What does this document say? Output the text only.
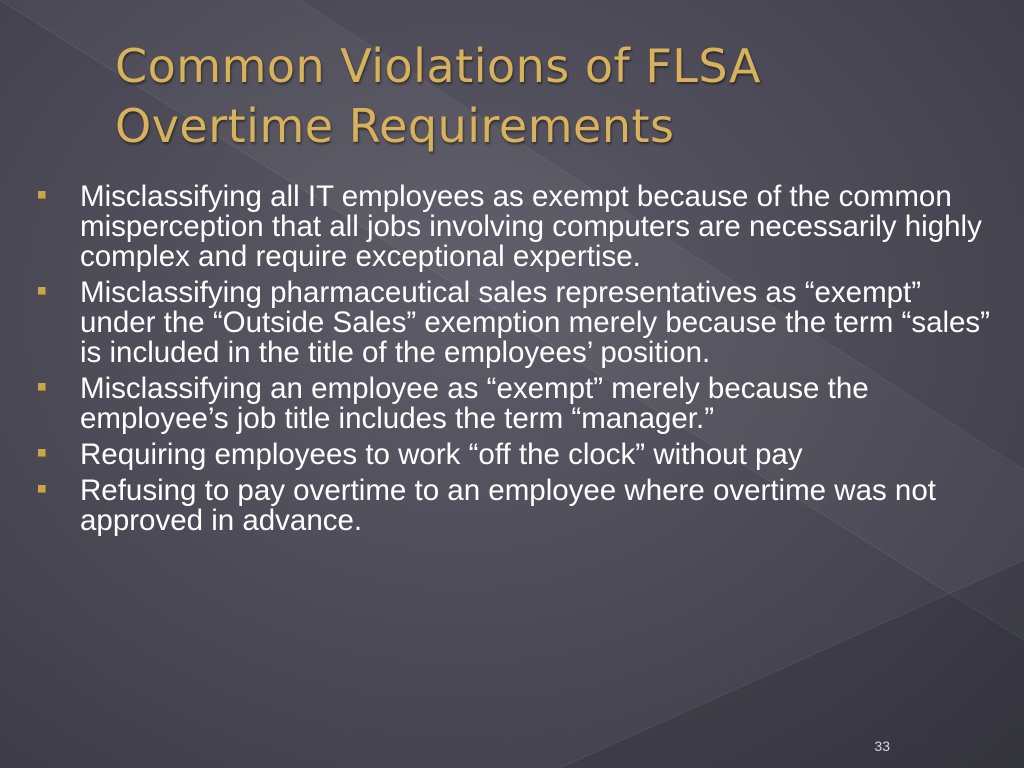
Common Violations of FLSA
Overtime Requirements
Misclassifying all IT employees as exempt because of the common misperception that all jobs involving computers are necessarily highly complex and require exceptional expertise.
Misclassifying pharmaceutical sales representatives as “exempt” under the “Outside Sales” exemption merely because the term “sales” is included in the title of the employees’ position.
Misclassifying an employee as “exempt” merely because the employee’s job title includes the term “manager.”
Requiring employees to work “off the clock” without pay
Refusing to pay overtime to an employee where overtime was not approved in advance.
33
